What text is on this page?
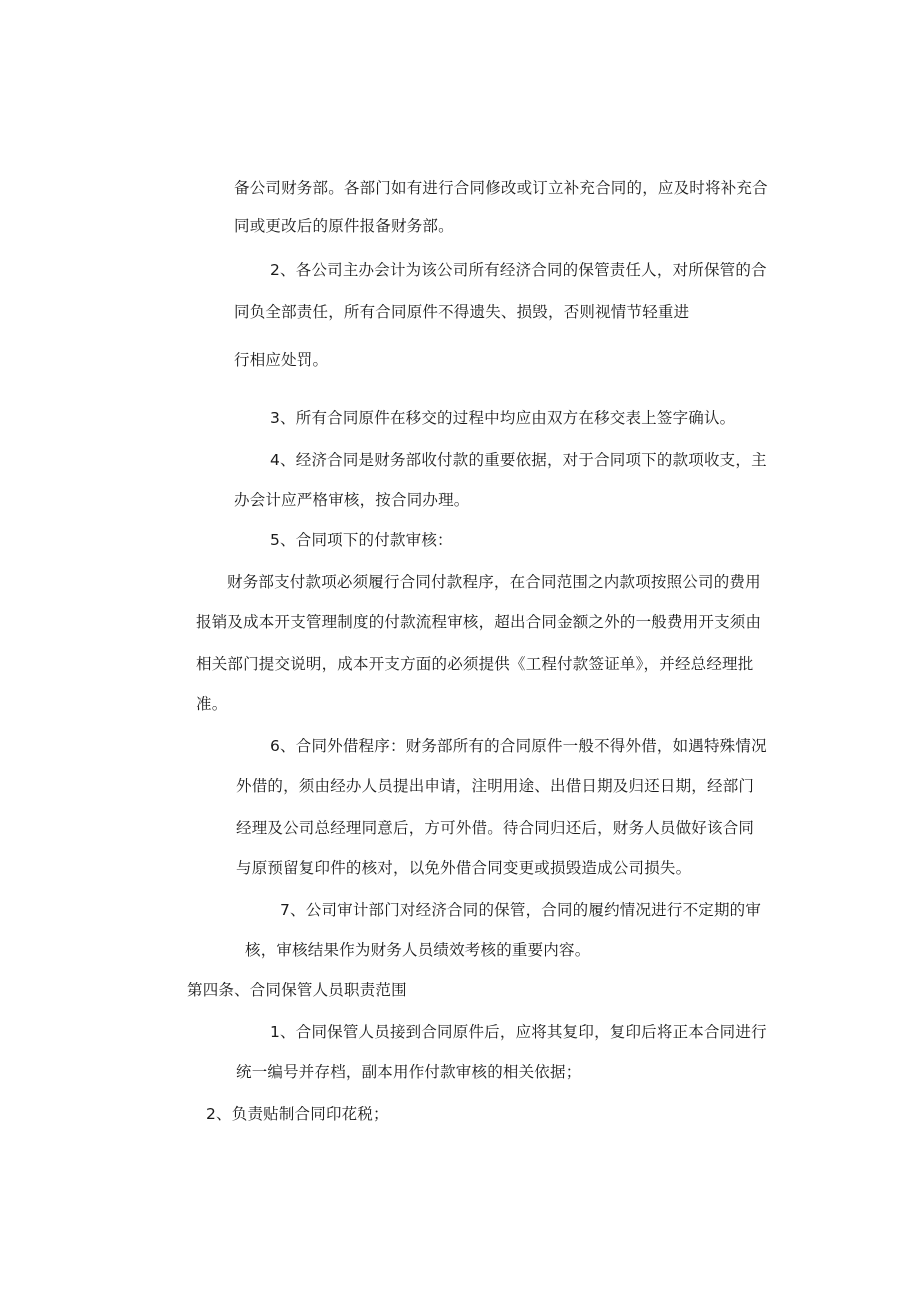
备公司财务部。各部门如有进行合同修改或订立补充合同的，应及时将补充合

同或更改后的原件报备财务部。

2、各公司主办会计为该公司所有经济合同的保管责任人，对所保管的合

同负全部责任，所有合同原件不得遗失、损毁，否则视情节轻重进

行相应处罚。

3、所有合同原件在移交的过程中均应由双方在移交表上签字确认。

4、经济合同是财务部收付款的重要依据，对于合同项下的款项收支，主

办会计应严格审核，按合同办理。

5、合同项下的付款审核：

财务部支付款项必须履行合同付款程序，在合同范围之内款项按照公司的费用

报销及成本开支管理制度的付款流程审核，超出合同金额之外的一般费用开支须由

相关部门提交说明，成本开支方面的必须提供《工程付款签证单》，并经总经理批

准。

6、合同外借程序：财务部所有的合同原件一般不得外借，如遇特殊情况

外借的，须由经办人员提出申请，注明用途、出借日期及归还日期，经部门

经理及公司总经理同意后，方可外借。待合同归还后，财务人员做好该合同

与原预留复印件的核对，以免外借合同变更或损毁造成公司损失。

7、公司审计部门对经济合同的保管，合同的履约情况进行不定期的审

核，审核结果作为财务人员绩效考核的重要内容。

第四条、合同保管人员职责范围

1、合同保管人员接到合同原件后，应将其复印，复印后将正本合同进行

统一编号并存档，副本用作付款审核的相关依据；

2、负责贴制合同印花税；
